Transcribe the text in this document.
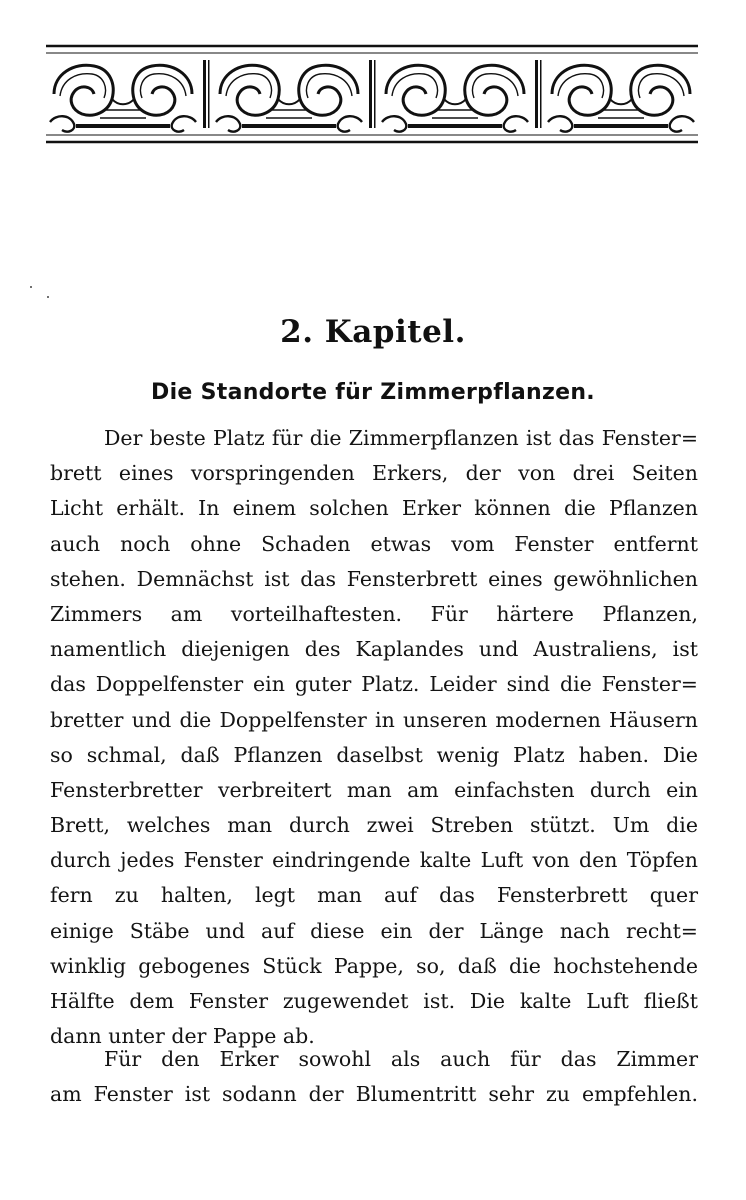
2. Kapitel.
Die Standorte für Zimmerpflanzen.
Der beste Platz für die Zimmerpflanzen ist das Fenster=
brett eines vorspringenden Erkers, der von drei Seiten
Licht erhält. In einem solchen Erker können die Pflanzen
auch noch ohne Schaden etwas vom Fenster entfernt
stehen. Demnächst ist das Fensterbrett eines gewöhnlichen
Zimmers am vorteilhaftesten. Für härtere Pflanzen,
namentlich diejenigen des Kaplandes und Australiens, ist
das Doppelfenster ein guter Platz. Leider sind die Fenster=
bretter und die Doppelfenster in unseren modernen Häusern
so schmal, daß Pflanzen daselbst wenig Platz haben. Die
Fensterbretter verbreitert man am einfachsten durch ein
Brett, welches man durch zwei Streben stützt. Um die
durch jedes Fenster eindringende kalte Luft von den Töpfen
fern zu halten, legt man auf das Fensterbrett quer
einige Stäbe und auf diese ein der Länge nach recht=
winklig gebogenes Stück Pappe, so, daß die hochstehende
Hälfte dem Fenster zugewendet ist. Die kalte Luft fließt
dann unter der Pappe ab.
Für den Erker sowohl als auch für das Zimmer
am Fenster ist sodann der Blumentritt sehr zu empfehlen.
